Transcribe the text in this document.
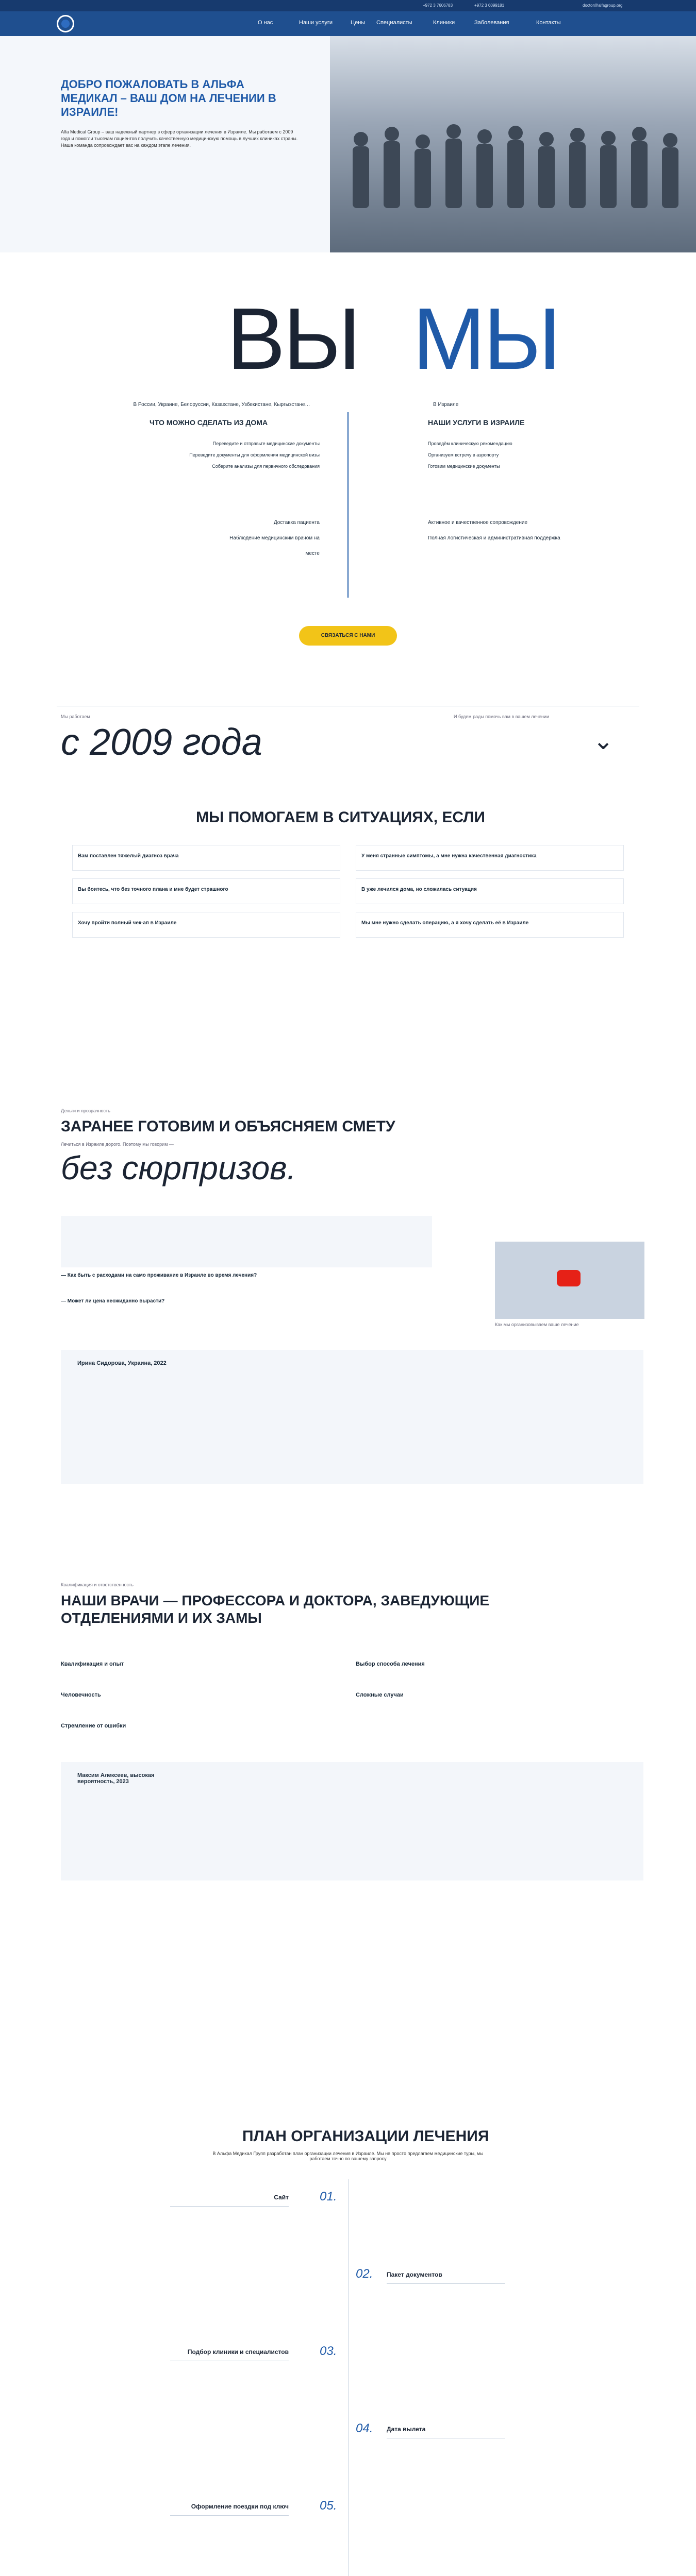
+972 3 7606783	+972 3 6099181	doctor@alfagroup.org
О нас	Наши услуги	Цены Специалисты	Клиники	Заболевания	Контакты
ДОБРО ПОЖАЛОВАТЬ В АЛЬФА МЕДИКАЛ – ВАШ ДОМ НА ЛЕЧЕНИИ В ИЗРАИЛЕ!
Alfa Medical Group – ваш надежный партнер в сфере организации лечения в Израиле. Мы работаем с 2009 года и помогли тысячам пациентов получить качественную медицинскую помощь в лучших клиниках страны. Наша команда сопровождает вас на каждом этапе лечения.
ВЫ МЫ
В России, Украине, Белоруссии, Казахстане, Узбекистане, Кыргызстане…	В Израиле
ЧТО МОЖНО СДЕЛАТЬ ИЗ ДОМА	НАШИ УСЛУГИ В ИЗРАИЛЕ
Переведите и отправьте медицинские документы
Переведите документы для оформления медицинской визы
Соберите анализы для первичного обследования
Проведём клиническую рекомендацию
Организуем встречу в аэропорту
Готовим медицинские документы
Доставка пациента
Наблюдение медицинским врачом на месте
Активное и качественное сопровождение
Полная логистическая и административная поддержка
СВЯЗАТЬСЯ С НАМИ
Мы работаем
с 2009 года
И будем рады помочь вам в вашем лечении
⌄
МЫ ПОМОГАЕМ В СИТУАЦИЯХ, ЕСЛИ
Вам поставлен тяжелый диагноз врача	У меня странные симптомы, а мне нужна качественная диагностика
Вы боитесь, что без точного плана и мне будет страшного	В уже лечился дома, но сложилась ситуация
Хочу пройти полный чек-ап в Израиле	Мы мне нужно сделать операцию, а я хочу сделать её в Израиле
Деньги и прозрачность
ЗАРАНЕЕ ГОТОВИМ И ОБЪЯСНЯЕМ СМЕТУ
Лечиться в Израиле дорого. Поэтому мы говорим —
без сюрпризов.
— Как быть с расходами на само проживание в Израиле во время лечения?
— Может ли цена неожиданно вырасти?
Как мы организовываем ваше лечение
Ирина Сидорова, Украина, 2022
Квалификация и ответственность
НАШИ ВРАЧИ — ПРОФЕССОРА И ДОКТОРА, ЗАВЕДУЮЩИЕ ОТДЕЛЕНИЯМИ И ИХ ЗАМЫ
Квалификация и опыт
Человечность
Стремление от ошибки
Выбор способа лечения
Сложные случаи
Максим Алексеев, высокая вероятность, 2023
ПЛАН ОРГАНИЗАЦИИ ЛЕЧЕНИЯ
В Альфа Медикал Групп разработан план организации лечения в Израиле. Мы не просто предлагаем медицинские туры, мы работаем точно по вашему запросу
01.
Сайт
02. Пакет документов
03.
Подбор клиники и специалистов
04. Дата вылета
05.
Оформление поездки под ключ
